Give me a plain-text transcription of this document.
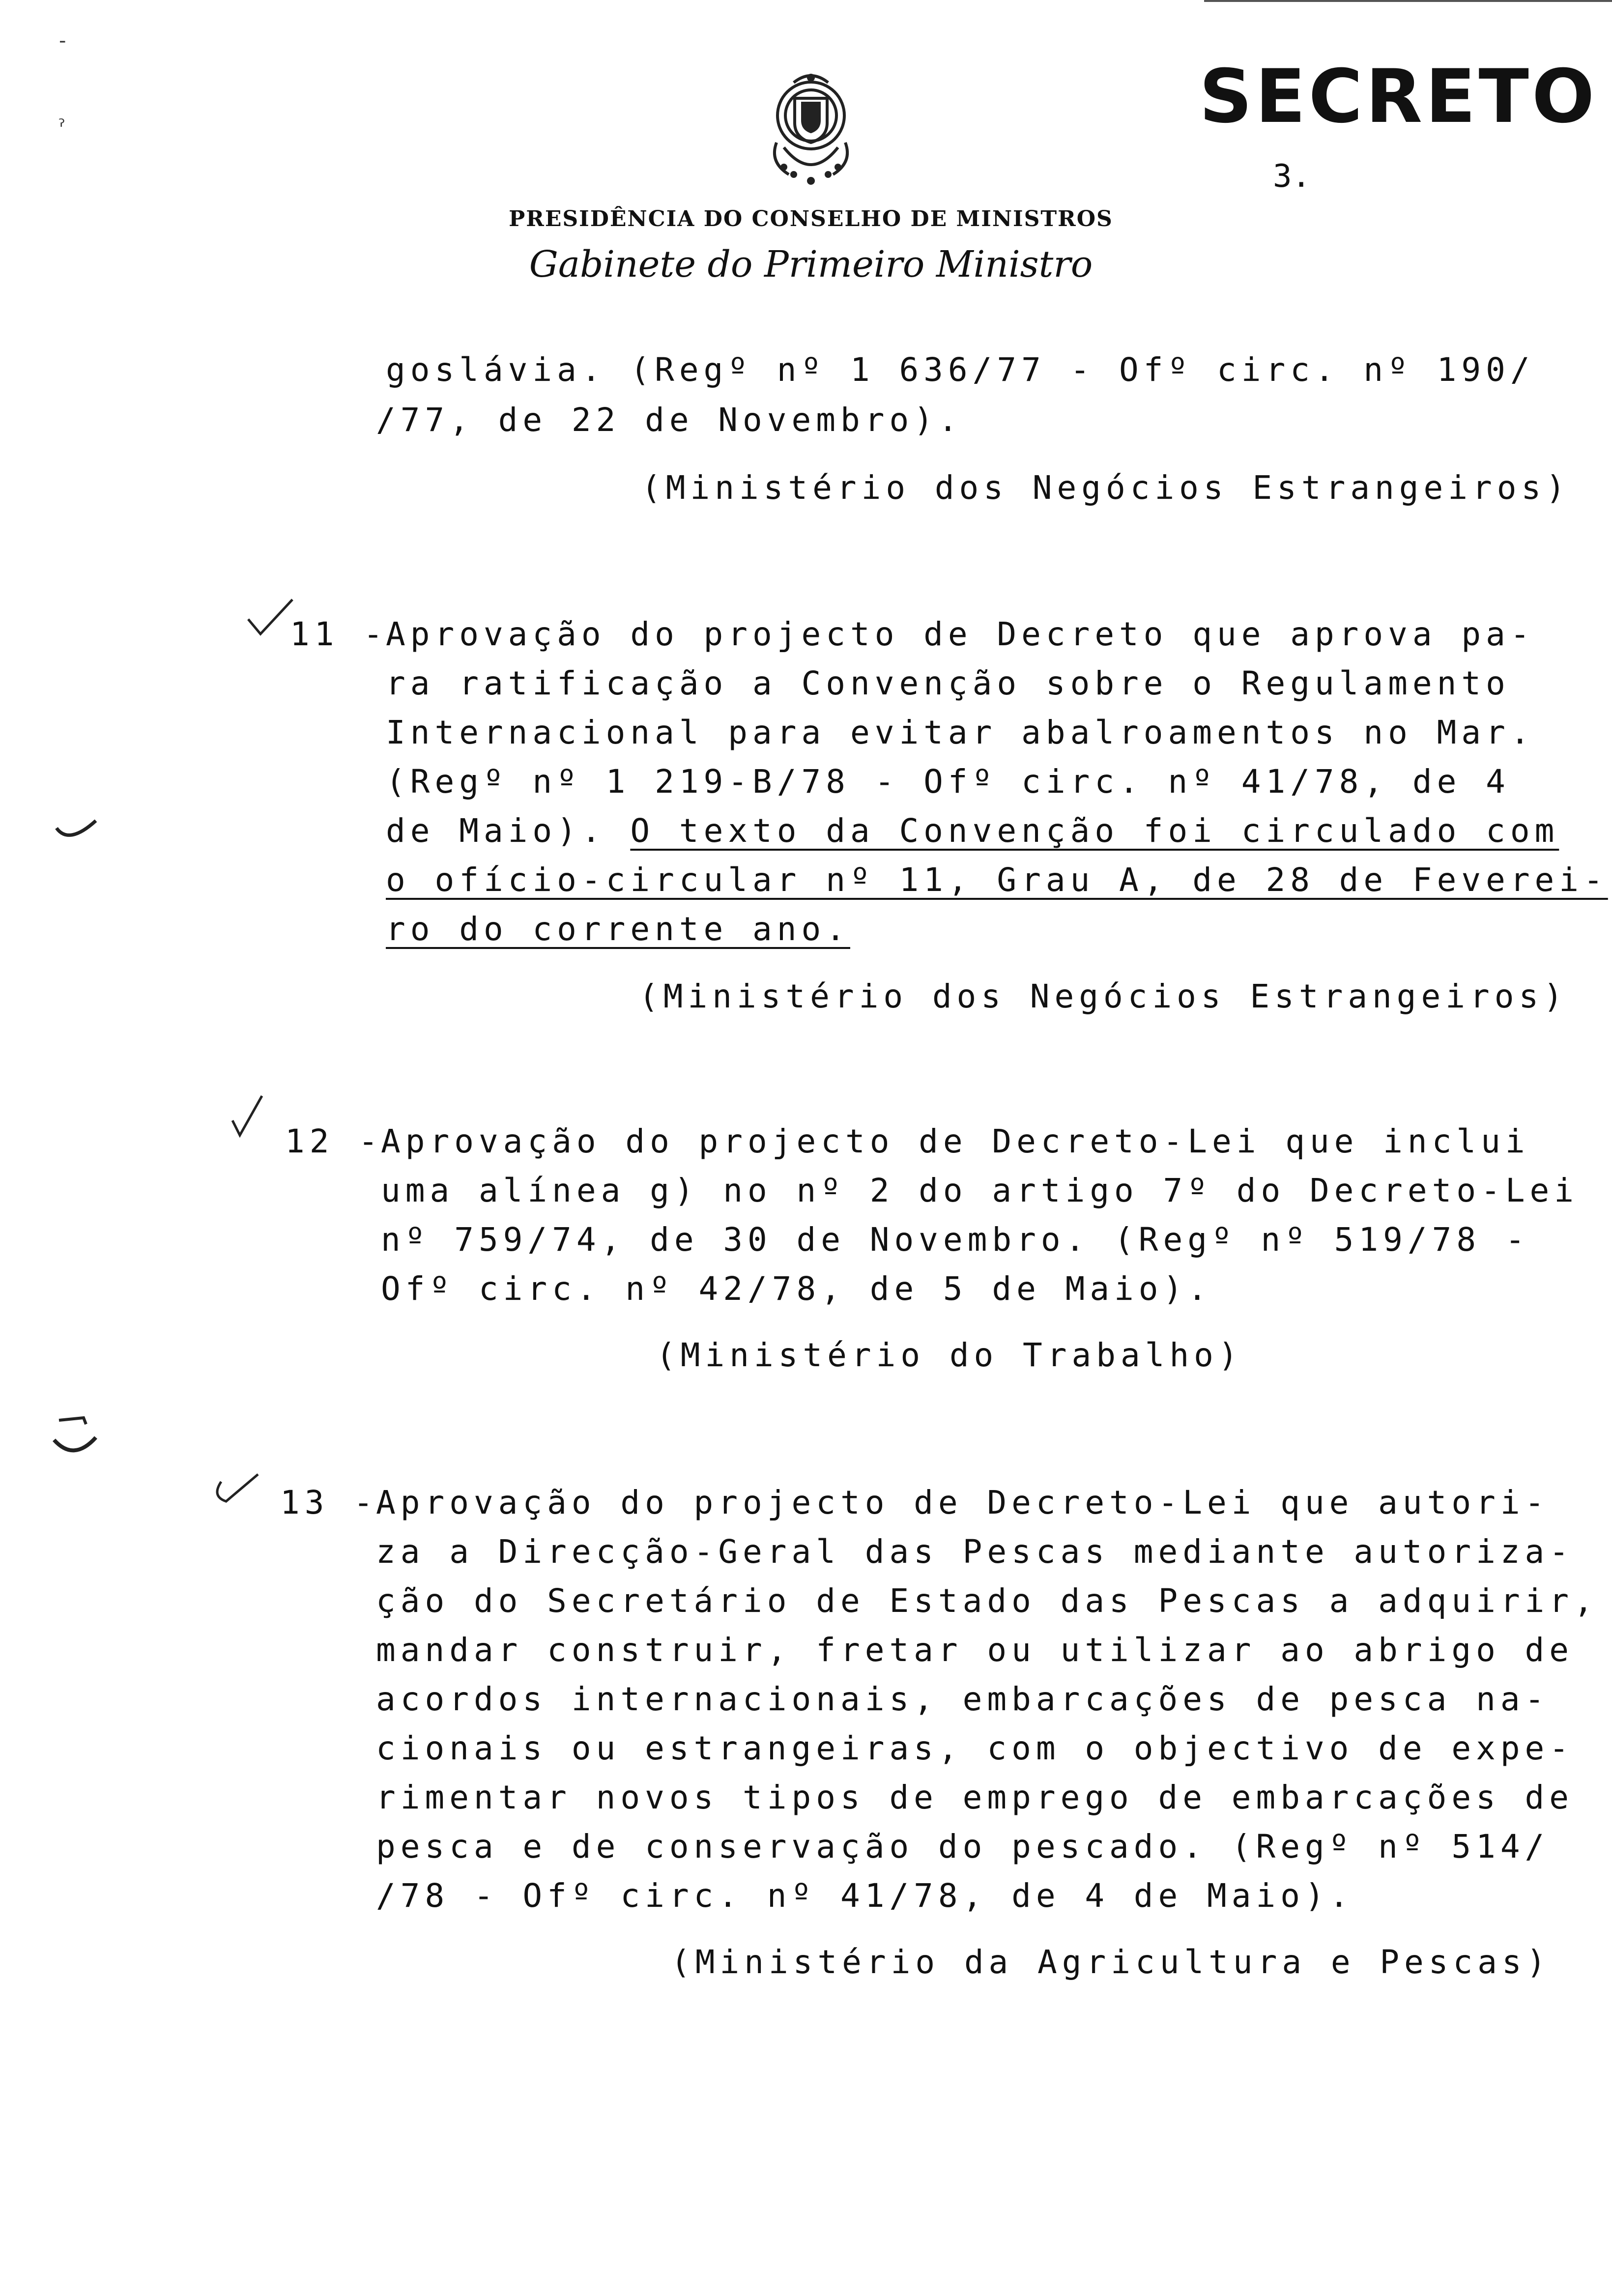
SECRETO
3.
PRESIDÊNCIA DO CONSELHO DE MINISTROS
Gabinete do Primeiro Ministro
-
ˀ
goslávia. (Regº nº 1 636/77 - Ofº circ. nº 190/
/77, de 22 de Novembro).
(Ministério dos Negócios Estrangeiros)
11 -
Aprovação do projecto de Decreto que aprova pa-
ra ratificação a Convenção sobre o Regulamento
Internacional para evitar abalroamentos no Mar.
(Regº nº 1 219-B/78 - Ofº circ. nº 41/78, de 4
de Maio). O texto da Convenção foi circulado com
o ofício-circular nº 11, Grau A, de 28 de Feverei-
ro do corrente ano.
(Ministério dos Negócios Estrangeiros)
12 -
Aprovação do projecto de Decreto-Lei que inclui
uma alínea g) no nº 2 do artigo 7º do Decreto-Lei
nº 759/74, de 30 de Novembro. (Regº nº 519/78 -
Ofº circ. nº 42/78, de 5 de Maio).
(Ministério do Trabalho)
13 -
Aprovação do projecto de Decreto-Lei que autori-
za a Direcção-Geral das Pescas mediante autoriza-
ção do Secretário de Estado das Pescas a adquirir,
mandar construir, fretar ou utilizar ao abrigo de
acordos internacionais, embarcações de pesca na-
cionais ou estrangeiras, com o objectivo de expe-
rimentar novos tipos de emprego de embarcações de
pesca e de conservação do pescado. (Regº nº 514/
/78 - Ofº circ. nº 41/78, de 4 de Maio).
(Ministério da Agricultura e Pescas)
